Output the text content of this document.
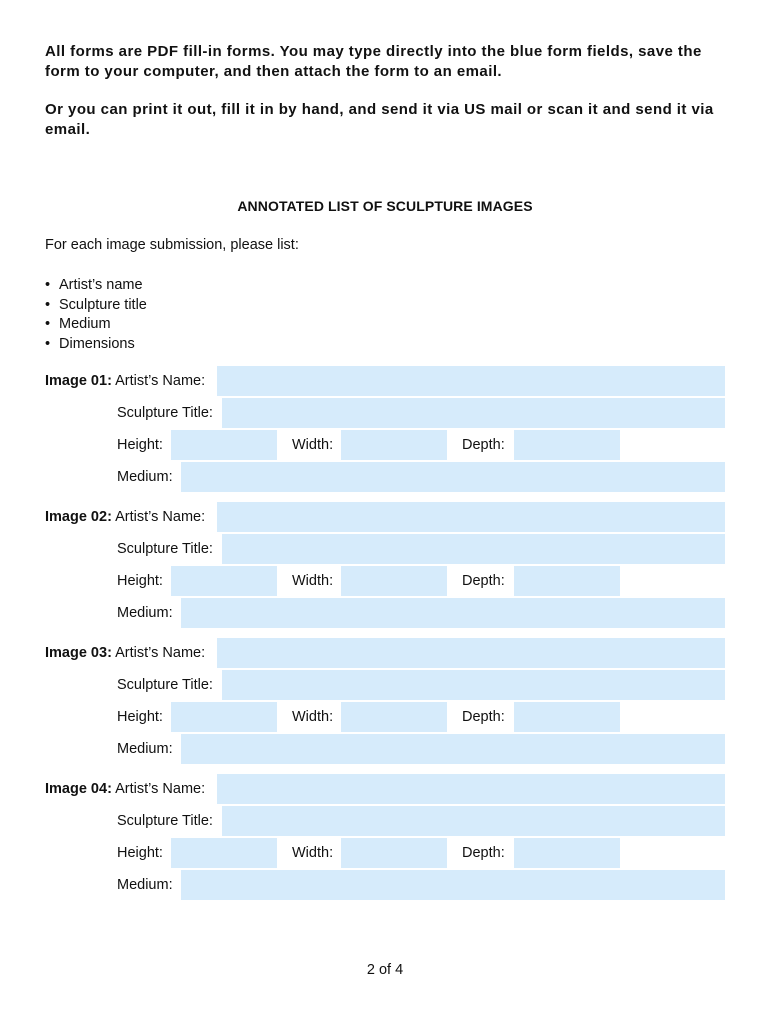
All forms are PDF fill-in forms. You may type directly into the blue form fields, save the form to your computer, and then attach the form to an email.

Or you can print it out, fill it in by hand, and send it via US mail or scan it and send it via email.

ANNOTATED LIST OF SCULPTURE IMAGES
For each image submission, please list:
• Artist’s name
• Sculpture title
• Medium
• Dimensions
Image 01: Artist’s Name:
Sculpture Title:
Height:	Width:	Depth:
Medium:
Image 02: Artist’s Name:
Sculpture Title:
Height:	Width:	Depth:
Medium:
Image 03: Artist’s Name:
Sculpture Title:
Height:	Width:	Depth:
Medium:
Image 04: Artist’s Name:
Sculpture Title:
Height:	Width:	Depth:
Medium:
2 of 4
